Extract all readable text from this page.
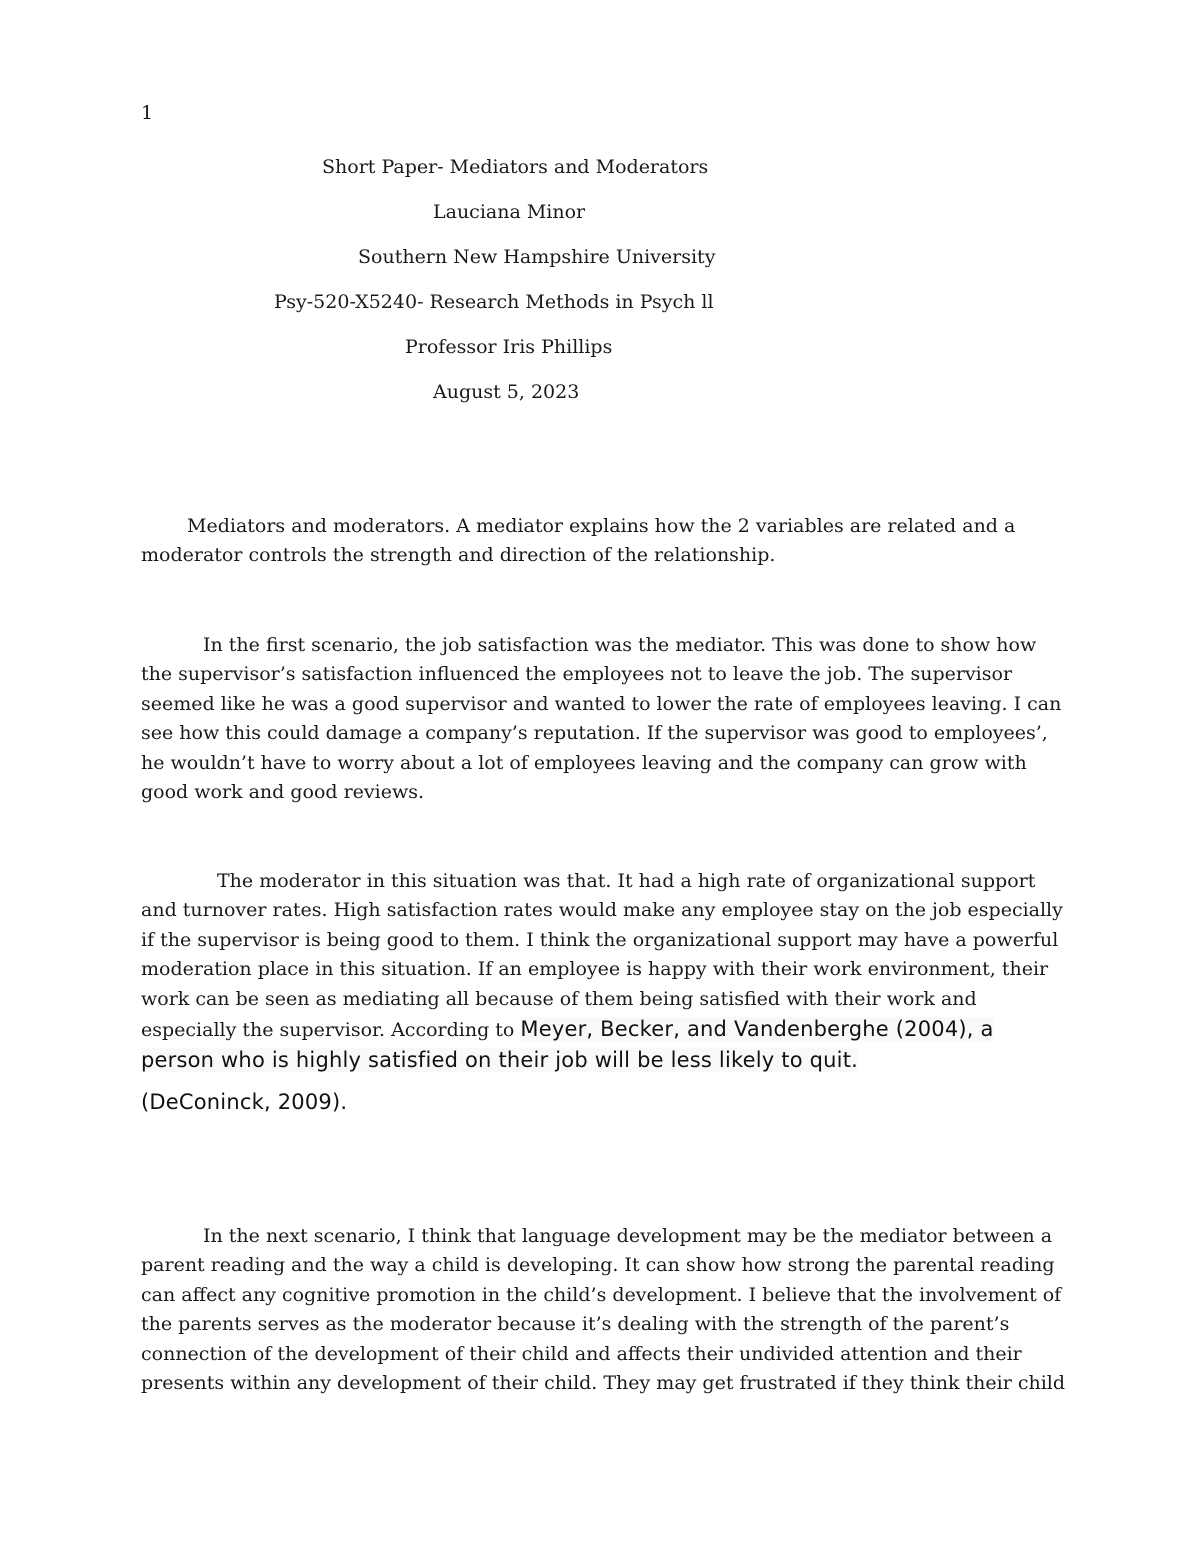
1
Short Paper- Mediators and Moderators
Lauciana Minor
Southern New Hampshire University
Psy-520-X5240- Research Methods in Psych ll
Professor Iris Phillips
August 5, 2023

Mediators and moderators. A mediator explains how the 2 variables are related and a moderator controls the strength and direction of the relationship.

In the first scenario, the job satisfaction was the mediator. This was done to show how the supervisor’s satisfaction influenced the employees not to leave the job. The supervisor seemed like he was a good supervisor and wanted to lower the rate of employees leaving. I can see how this could damage a company’s reputation. If the supervisor was good to employees’, he wouldn’t have to worry about a lot of employees leaving and the company can grow with good work and good reviews.

The moderator in this situation was that. It had a high rate of organizational support and turnover rates. High satisfaction rates would make any employee stay on the job especially if the supervisor is being good to them. I think the organizational support may have a powerful moderation place in this situation. If an employee is happy with their work environment, their work can be seen as mediating all because of them being satisfied with their work and especially the supervisor. According to Meyer, Becker, and Vandenberghe (2004), a person who is highly satisfied on their job will be less likely to quit.

(DeConinck, 2009).

In the next scenario, I think that language development may be the mediator between a parent reading and the way a child is developing. It can show how strong the parental reading can affect any cognitive promotion in the child’s development. I believe that the involvement of the parents serves as the moderator because it’s dealing with the strength of the parent’s connection of the development of their child and affects their undivided attention and their presents within any development of their child. They may get frustrated if they think their child
